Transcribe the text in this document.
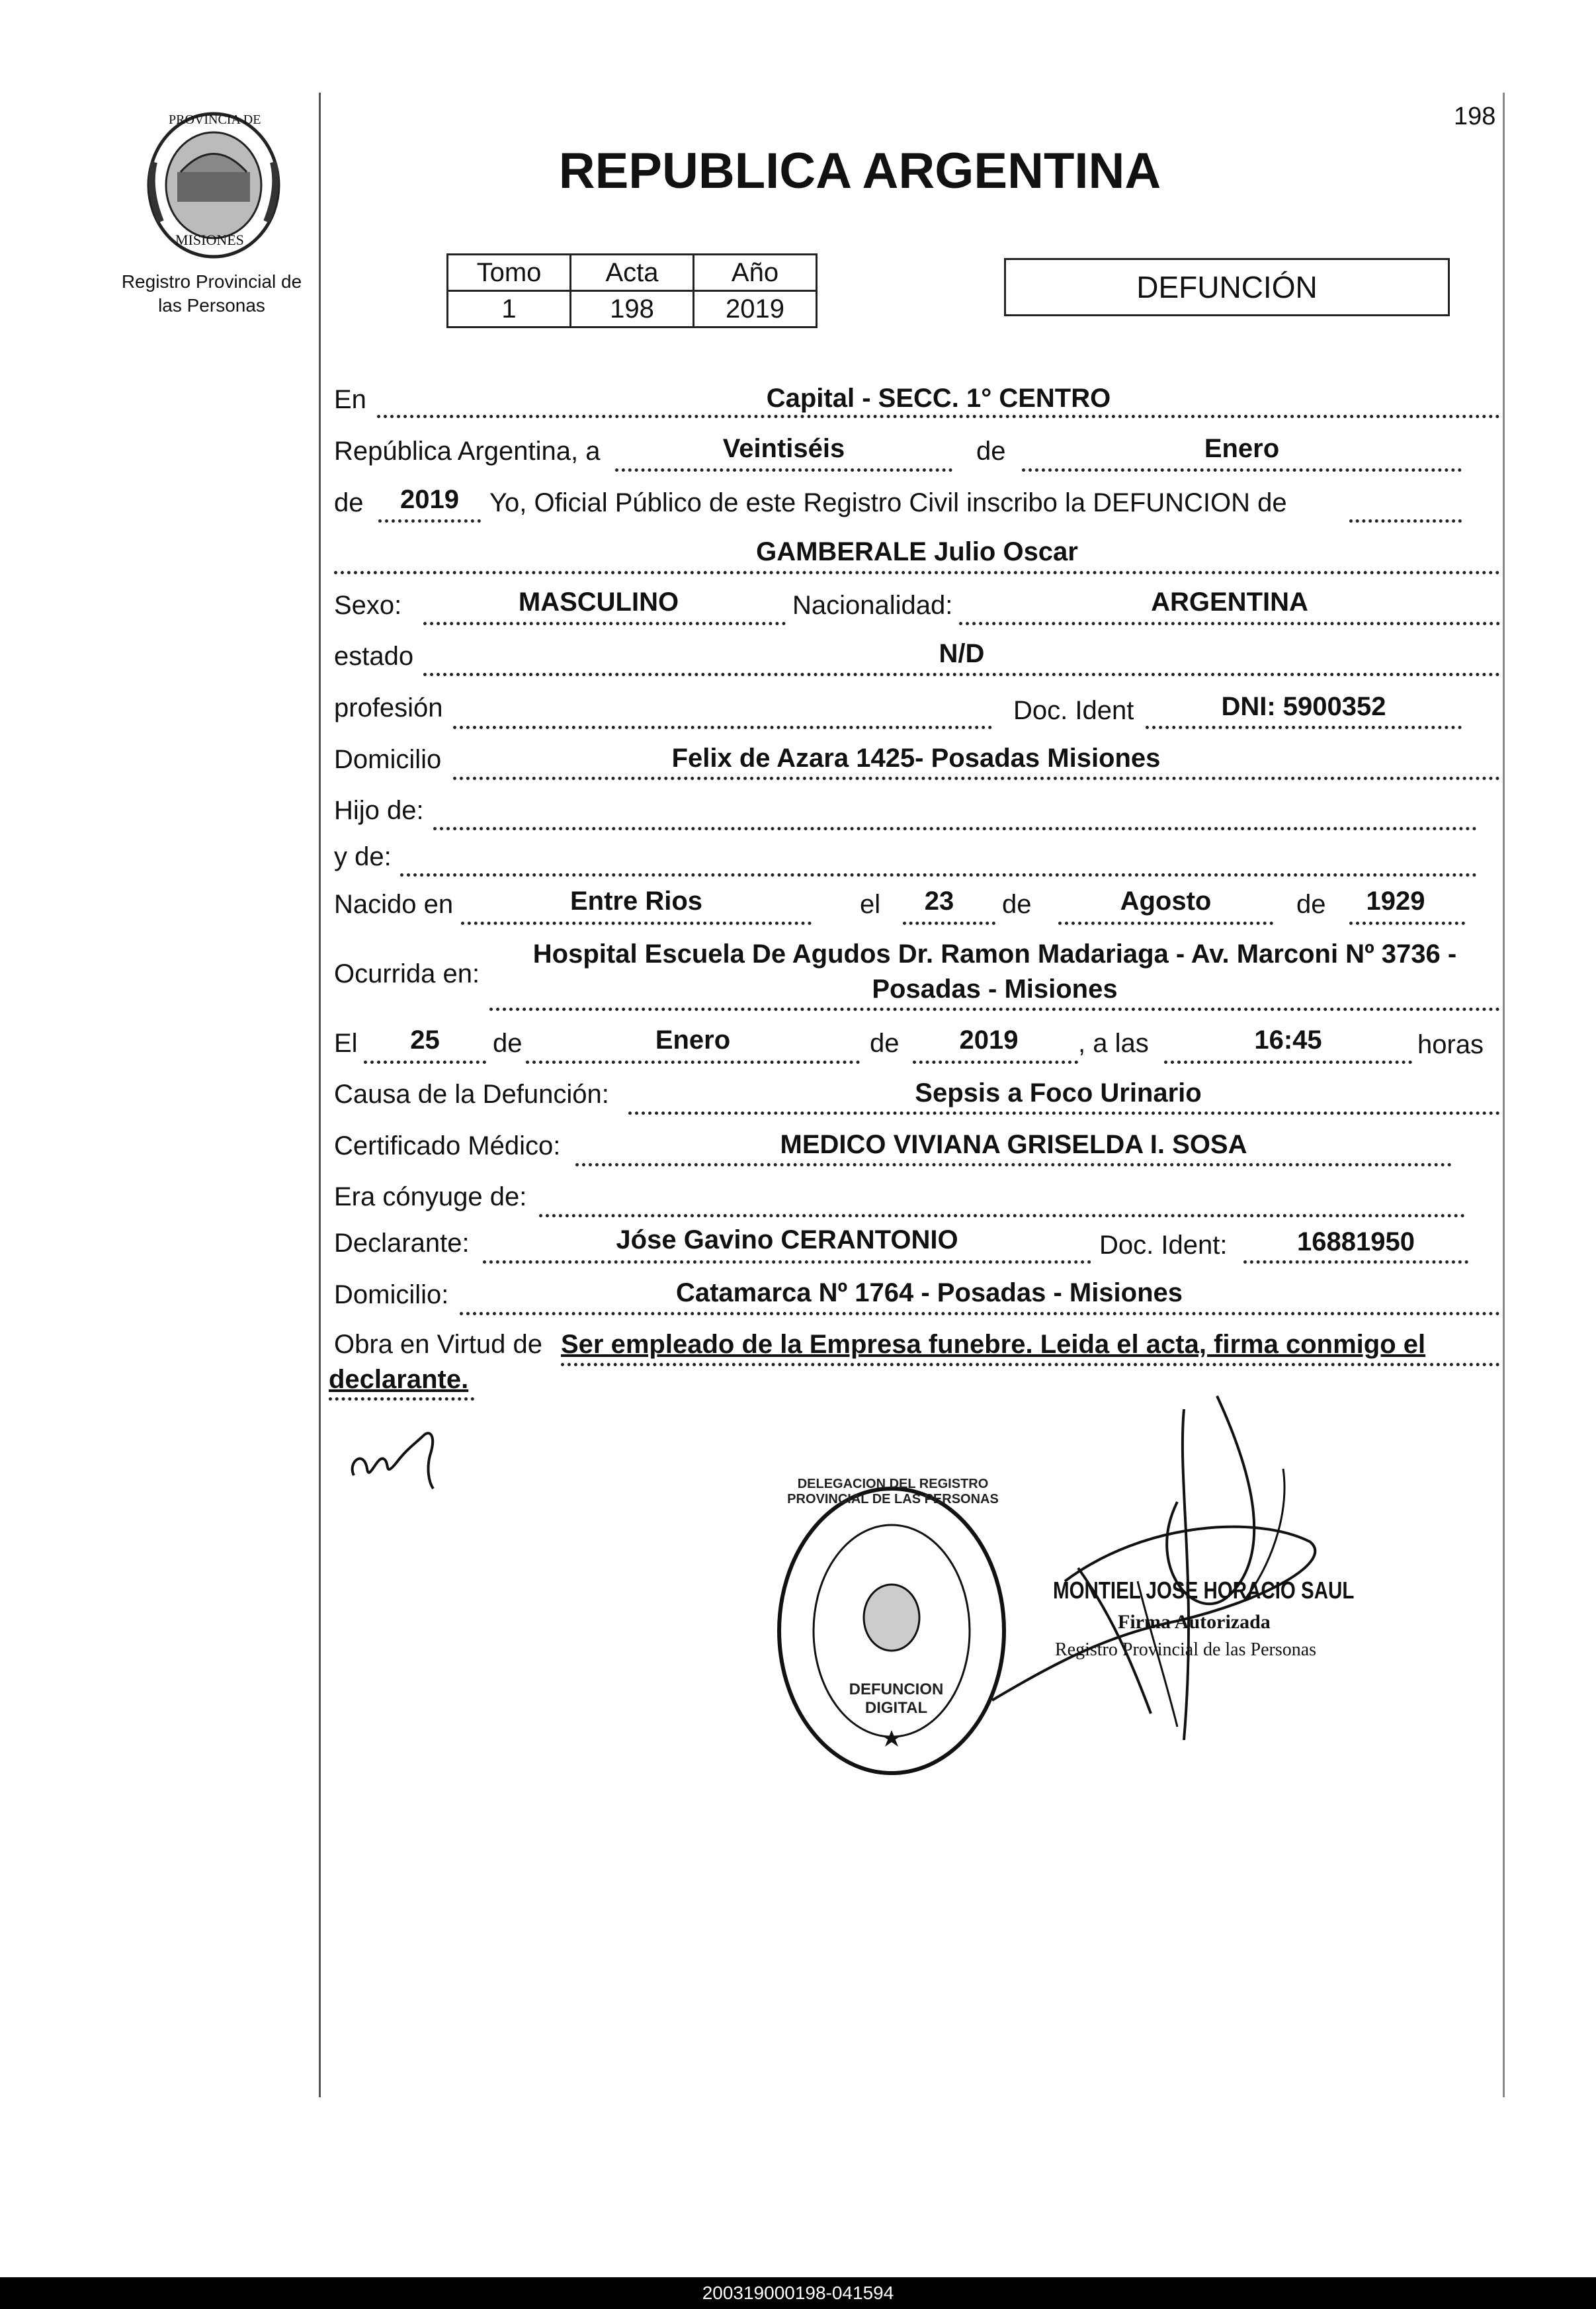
198
PROVINCIA DE
MISIONES
Registro Provincial de
las Personas
REPUBLICA ARGENTINA
Tomo	Acta	Año
1	198	2019
DEFUNCIÓN
En	Capital - SECC. 1° CENTRO
República Argentina, a	Veintiséis	de	Enero
de	2019	Yo, Oficial Público de este Registro Civil inscribo la DEFUNCION de
GAMBERALE Julio Oscar
Sexo:	MASCULINO	Nacionalidad:	ARGENTINA
estado	N/D
profesión	Doc. Ident	DNI: 5900352
Domicilio	Felix de Azara 1425- Posadas Misiones
Hijo de:
y de:
Nacido en	Entre Rios	el	23	de	Agosto	de	1929
Ocurrida en:
Hospital Escuela De Agudos Dr. Ramon Madariaga - Av. Marconi Nº 3736 -
Posadas - Misiones
El	25	de	Enero	de	2019	, a las	16:45	horas
Causa de la Defunción:	Sepsis a Foco Urinario
Certificado Médico:	MEDICO VIVIANA GRISELDA I. SOSA
Era cónyuge de:
Declarante:	Jóse Gavino CERANTONIO	Doc. Ident:	16881950
Domicilio:	Catamarca Nº 1764 - Posadas - Misiones
Obra en Virtud de Ser empleado de la Empresa funebre. Leida el acta, firma conmigo el
declarante.
DELEGACION DEL REGISTRO PROVINCIAL DE LAS PERSONAS
DEFUNCION DIGITAL
MONTIEL JOSE HORACIO SAUL
Firma Autorizada
Registro Provincial de las Personas
200319000198-041594
